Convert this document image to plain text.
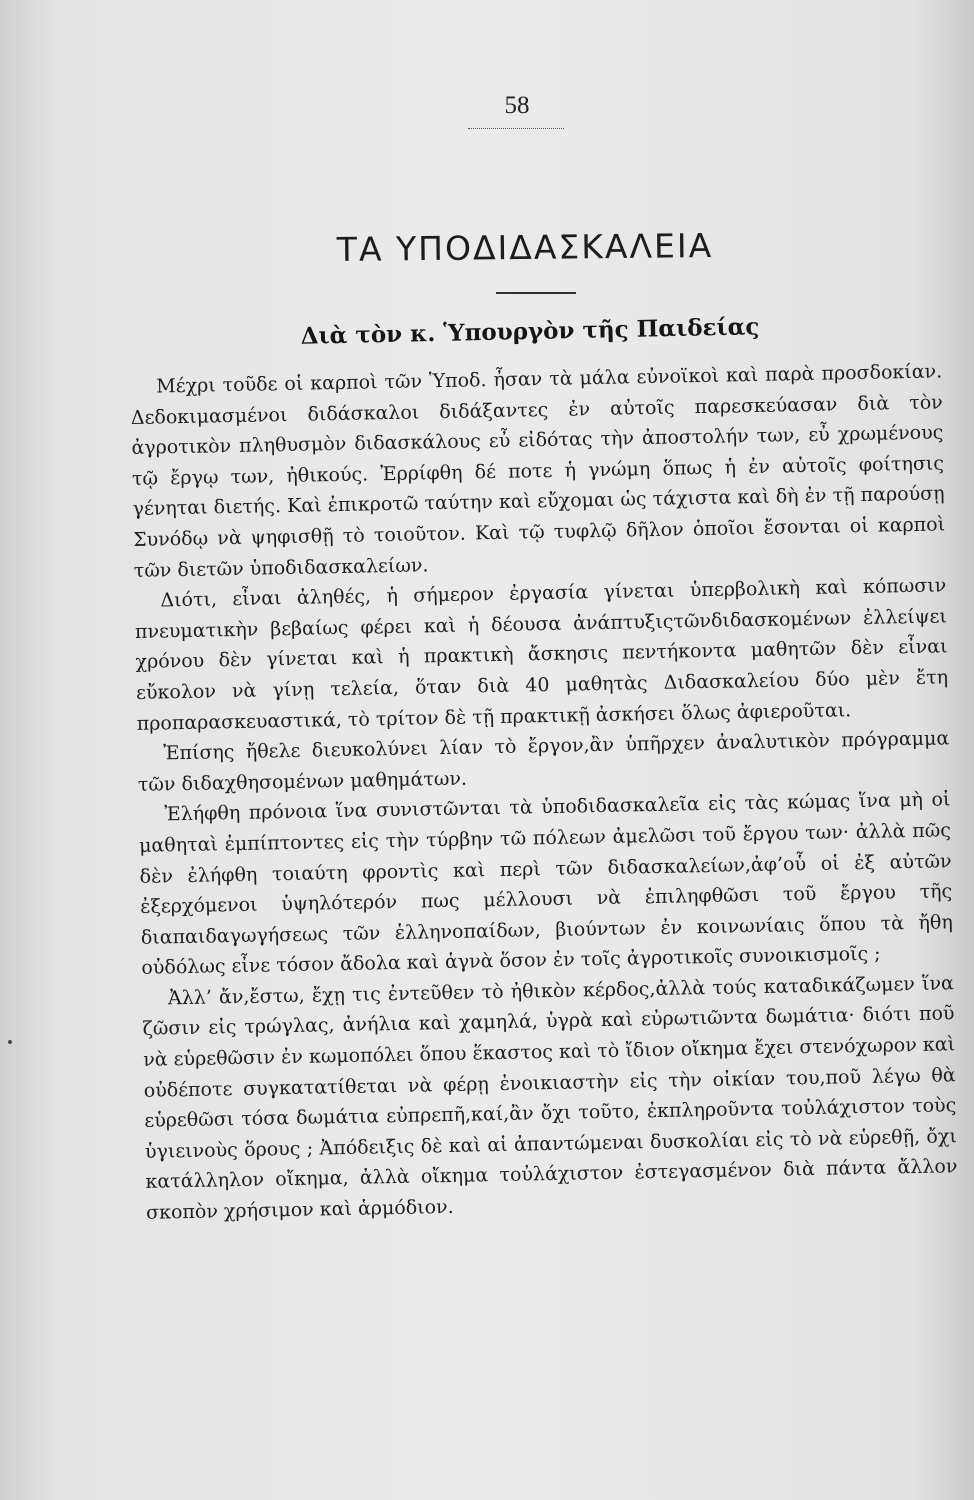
58
ΤΑ ΥΠΟΔΙΔΑΣΚΑΛΕΙΑ
Διὰ τὸν κ. Ὑπουργὸν τῆς Παιδείας

Μέχρι τοῦδε οἱ καρποὶ τῶν Ὑποδ. ἦσαν τὰ μάλα εὐνοϊκοὶ καὶ παρὰ προσδοκίαν. Δεδοκιμασμένοι διδάσκαλοι διδάξαντες ἐν αὐτοῖς παρεσκεύασαν διὰ τὸν ἀγροτικὸν πληθυσμὸν διδασκάλους εὖ εἰδότας τὴν ἀποστολήν των, εὖ χρωμένους τῷ ἔργῳ των, ἠθικούς. Ἐρρίφθη δέ ποτε ἡ γνώμη ὅπως ἡ ἐν αὐτοῖς φοίτησις γένηται διετής. Καὶ ἐπικροτῶ ταύτην καὶ εὔχομαι ὡς τάχιστα καὶ δὴ ἐν τῇ παρούσῃ Συνόδῳ νὰ ψηφισθῇ τὸ τοιοῦτον. Καὶ τῷ τυφλῷ δῆλον ὁποῖοι ἔσονται οἱ καρποὶ τῶν διετῶν ὑποδιδασκαλείων.

Διότι, εἶναι ἀληθές, ἡ σήμερον ἐργασία γίνεται ὑπερβολικὴ καὶ κόπωσιν πνευματικὴν βεβαίως φέρει καὶ ἡ δέουσα ἀνάπτυξιςτῶνδιδασκομένων ἐλλείψει χρόνου δὲν γίνεται καὶ ἡ πρακτικὴ ἄσκησις πεντήκοντα μαθητῶν δὲν εἶναι εὔκολον νὰ γίνῃ τελεία, ὅταν διὰ 40 μαθητὰς Διδασκαλείου δύο μὲν ἔτη προπαρασκευαστικά, τὸ τρίτον δὲ τῇ πρακτικῇ ἀσκήσει ὅλως ἀφιεροῦται.

Ἐπίσης ἤθελε διευκολύνει λίαν τὸ ἔργον,ἂν ὑπῆρχεν ἀναλυτικὸν πρόγραμμα τῶν διδαχθησομένων μαθημάτων.

Ἐλήφθη πρόνοια ἵνα συνιστῶνται τὰ ὑποδιδασκαλεῖα εἰς τὰς κώμας ἵνα μὴ οἱ μαθηταὶ ἐμπίπτοντες εἰς τὴν τύρβην τῶ πόλεων ἀμελῶσι τοῦ ἔργου των· ἀλλὰ πῶς δὲν ἐλήφθη τοιαύτη φροντὶς καὶ περὶ τῶν διδασκαλείων,ἀφ’οὗ οἱ ἐξ αὐτῶν ἐξερχόμενοι ὑψηλότερόν πως μέλλουσι νὰ ἐπιληφθῶσι τοῦ ἔργου τῆς διαπαιδαγωγήσεως τῶν ἑλληνοπαίδων, βιούντων ἐν κοινωνίαις ὅπου τὰ ἤθη οὐδόλως εἶνε τόσον ἄδολα καὶ ἁγνὰ ὅσον ἐν τοῖς ἀγροτικοῖς συνοικισμοῖς ;

Ἀλλ’ ἄν,ἔστω, ἔχῃ τις ἐντεῦθεν τὸ ἠθικὸν κέρδος,ἀλλὰ τούς καταδικάζωμεν ἵνα ζῶσιν εἰς τρώγλας, ἀνήλια καὶ χαμηλά, ὑγρὰ καὶ εὐρωτιῶντα δωμάτια· διότι ποῦ νὰ εὑρεθῶσιν ἐν κωμοπόλει ὅπου ἕκαστος καὶ τὸ ἴδιον οἴκημα ἔχει στενόχωρον καὶ οὐδέποτε συγκατατίθεται νὰ φέρῃ ἐνοικιαστὴν εἰς τὴν οἰκίαν του,ποῦ λέγω θὰ εὑρεθῶσι τόσα δωμάτια εὐπρεπῆ,καί,ἂν ὄχι τοῦτο, ἐκπληροῦντα τοὐλάχιστον τοὺς ὑγιεινοὺς ὅρους ; Ἀπόδειξις δὲ καὶ αἱ ἀπαντώμεναι δυσκολίαι εἰς τὸ νὰ εὑρεθῇ, ὄχι κατάλληλον οἴκημα, ἀλλὰ οἴκημα τοὐλάχιστον ἐστεγασμένον διὰ πάντα ἄλλον σκοπὸν χρήσιμον καὶ ἁρμόδιον.
